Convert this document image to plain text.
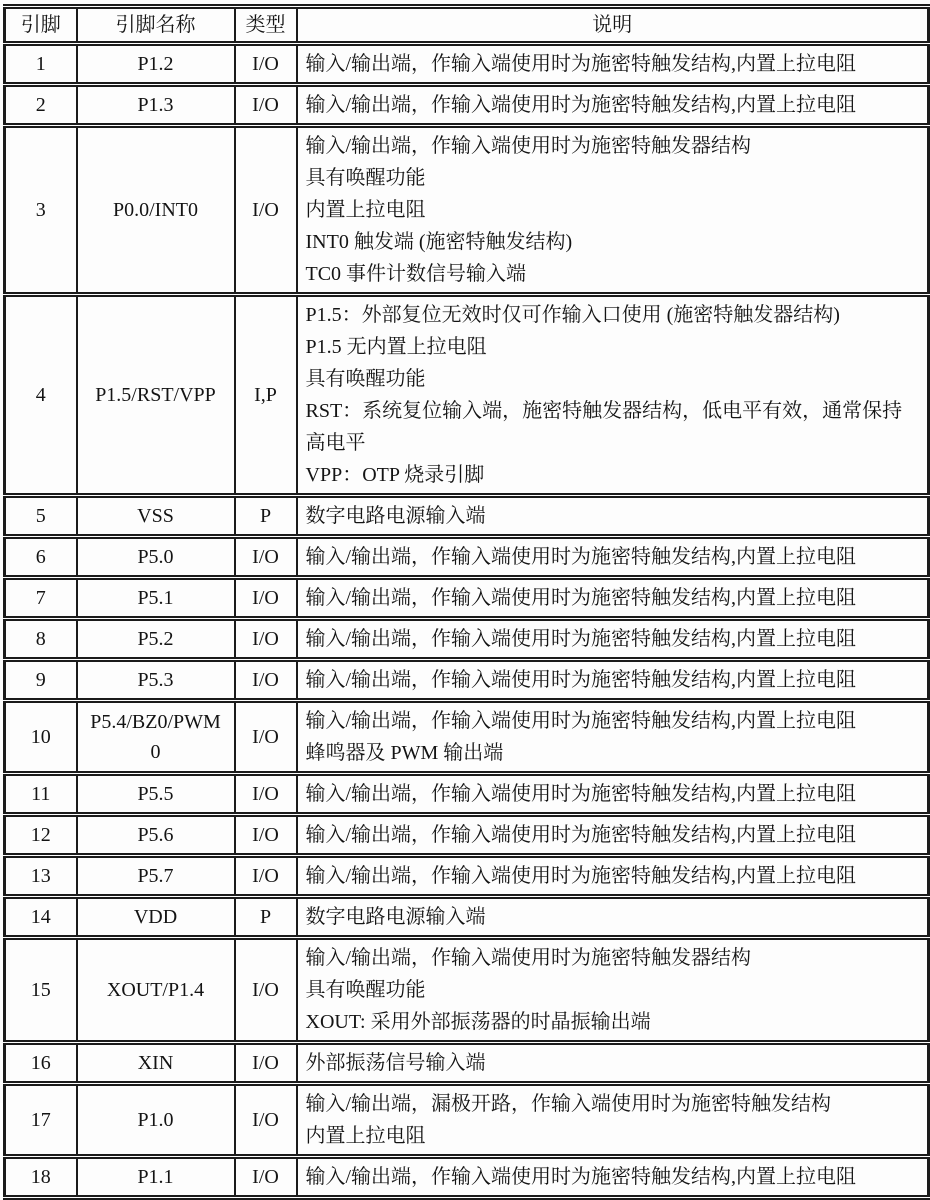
引脚	引脚名称	类型	说明
1	P1.2	I/O	输入/输出端，作输入端使用时为施密特触发结构,内置上拉电阻

2	P1.3	I/O	输入/输出端，作输入端使用时为施密特触发结构,内置上拉电阻

3	P0.0/INT0	I/O	输入/输出端，作输入端使用时为施密特触发器结构
具有唤醒功能
内置上拉电阻
INT0 触发端 (施密特触发结构)
TC0 事件计数信号输入端

4	P1.5/RST/VPP	I,P	P1.5：外部复位无效时仅可作输入口使用 (施密特触发器结构)
P1.5 无内置上拉电阻
具有唤醒功能
RST：系统复位输入端，施密特触发器结构，低电平有效，通常保持高电平
VPP：OTP 烧录引脚

5	VSS	P	数字电路电源输入端

6	P5.0	I/O	输入/输出端，作输入端使用时为施密特触发结构,内置上拉电阻

7	P5.1	I/O	输入/输出端，作输入端使用时为施密特触发结构,内置上拉电阻

8	P5.2	I/O	输入/输出端，作输入端使用时为施密特触发结构,内置上拉电阻

9	P5.3	I/O	输入/输出端，作输入端使用时为施密特触发结构,内置上拉电阻

10	P5.4/BZ0/PWM0	I/O	输入/输出端，作输入端使用时为施密特触发结构,内置上拉电阻
蜂鸣器及 PWM 输出端

11	P5.5	I/O	输入/输出端，作输入端使用时为施密特触发结构,内置上拉电阻

12	P5.6	I/O	输入/输出端，作输入端使用时为施密特触发结构,内置上拉电阻

13	P5.7	I/O	输入/输出端，作输入端使用时为施密特触发结构,内置上拉电阻

14	VDD	P	数字电路电源输入端

15	XOUT/P1.4	I/O	输入/输出端，作输入端使用时为施密特触发器结构
具有唤醒功能
XOUT: 采用外部振荡器的时晶振输出端

16	XIN	I/O	外部振荡信号输入端

17	P1.0	I/O	输入/输出端，漏极开路，作输入端使用时为施密特触发结构
内置上拉电阻

18	P1.1	I/O	输入/输出端，作输入端使用时为施密特触发结构,内置上拉电阻
